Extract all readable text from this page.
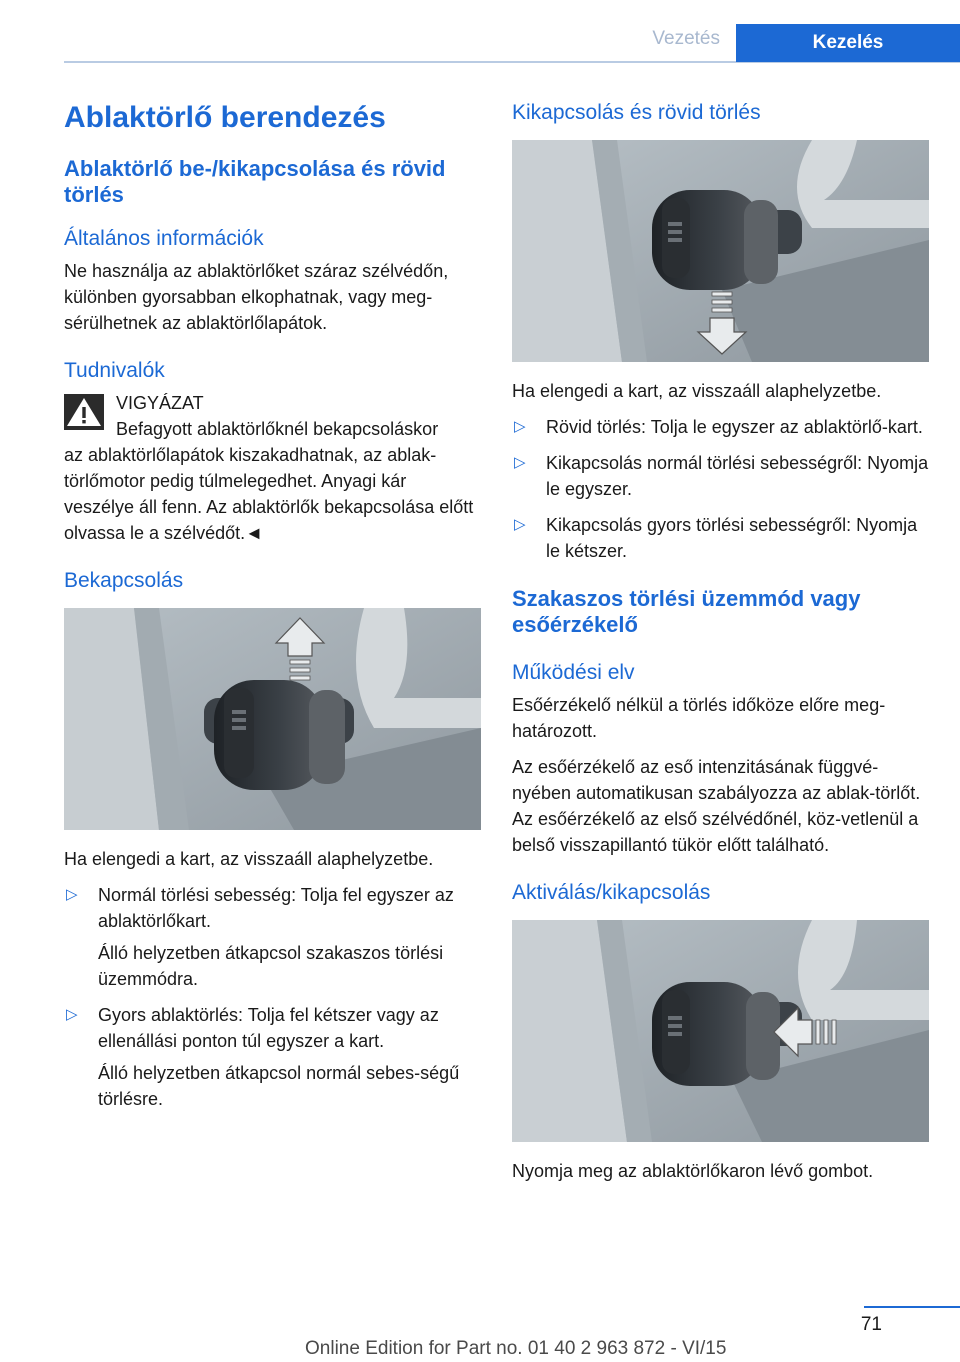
Vezetés	Kezelés
Ablaktörlő berendezés
Ablaktörlő be-/kikapcsolása és rövid törlés
Általános információk

Ne használja az ablaktörlőket száraz szélvédőn, különben gyorsabban elkophatnak, vagy meg-sérülhetnek az ablaktörlőlapátok.

Tudnivalók
VIGYÁZAT
Befagyott ablaktörlőknél bekapcsoláskor

az ablaktörlőlapátok kiszakadhatnak, az ablak-törlőmotor pedig túlmelegedhet. Anyagi kár veszélye áll fenn. Az ablaktörlők bekapcsolása előtt olvassa le a szélvédőt.◄

Bekapcsolás

Ha elengedi a kart, az visszaáll alaphelyzetbe.

▷ Normál törlési sebesség: Tolja fel egyszer az ablaktörlőkart.

Álló helyzetben átkapcsol szakaszos törlési üzemmódra.

▷ Gyors ablaktörlés: Tolja fel kétszer vagy az ellenállási ponton túl egyszer a kart.

Álló helyzetben átkapcsol normál sebes-ségű törlésre.

Kikapcsolás és rövid törlés

Ha elengedi a kart, az visszaáll alaphelyzetbe.

▷ Rövid törlés: Tolja le egyszer az ablaktörlő-kart.
▷ Kikapcsolás normál törlési sebességről: Nyomja le egyszer.
▷ Kikapcsolás gyors törlési sebességről: Nyomja le kétszer.
Szakaszos törlési üzemmód vagy esőérzékelő
Működési elv

Esőérzékelő nélkül a törlés időköze előre meg-határozott.

Az esőérzékelő az eső intenzitásának függvé-nyében automatikusan szabályozza az ablak-törlőt. Az esőérzékelő az első szélvédőnél, köz-vetlenül a belső visszapillantó tükör előtt található.

Aktiválás/kikapcsolás

Nyomja meg az ablaktörlőkaron lévő gombot.

71
Online Edition for Part no. 01 40 2 963 872 - VI/15
